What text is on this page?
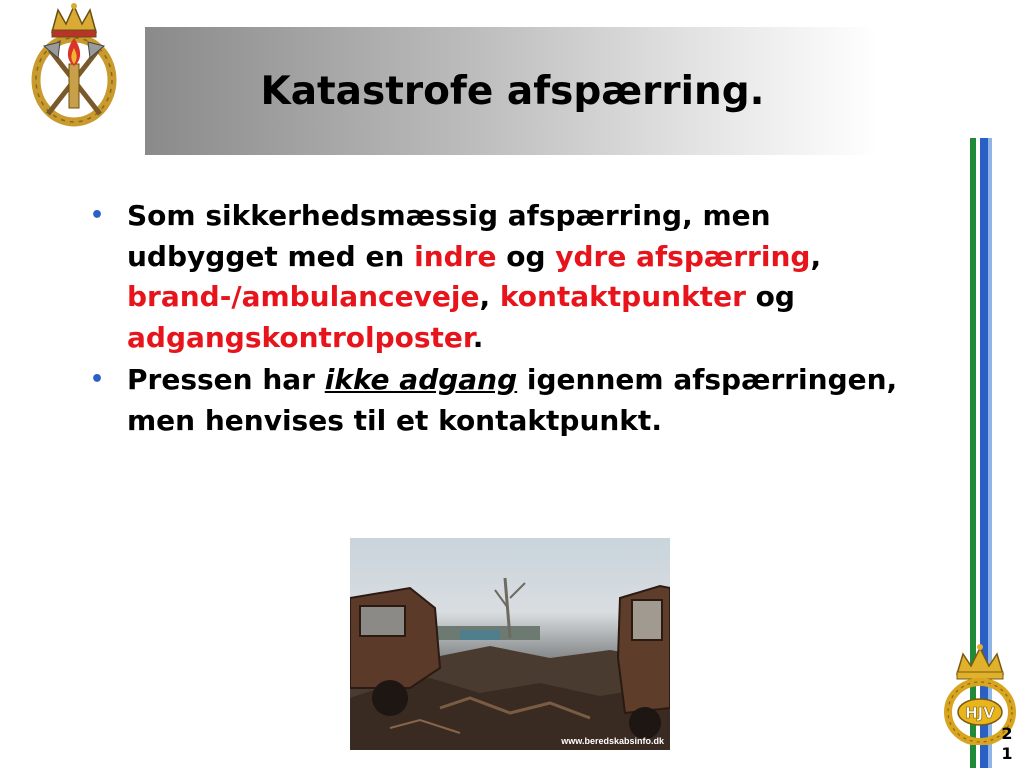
Katastrofe afspærring.
• Som sikkerhedsmæssig afspærring, men udbygget med en indre og ydre afspærring, brand-/ambulanceveje, kontaktpunkter og adgangskontrolposter.
• Pressen har ikke adgang igennem afspærringen, men henvises til et kontaktpunkt.
www.beredskabsinfo.dk
HJV
21
